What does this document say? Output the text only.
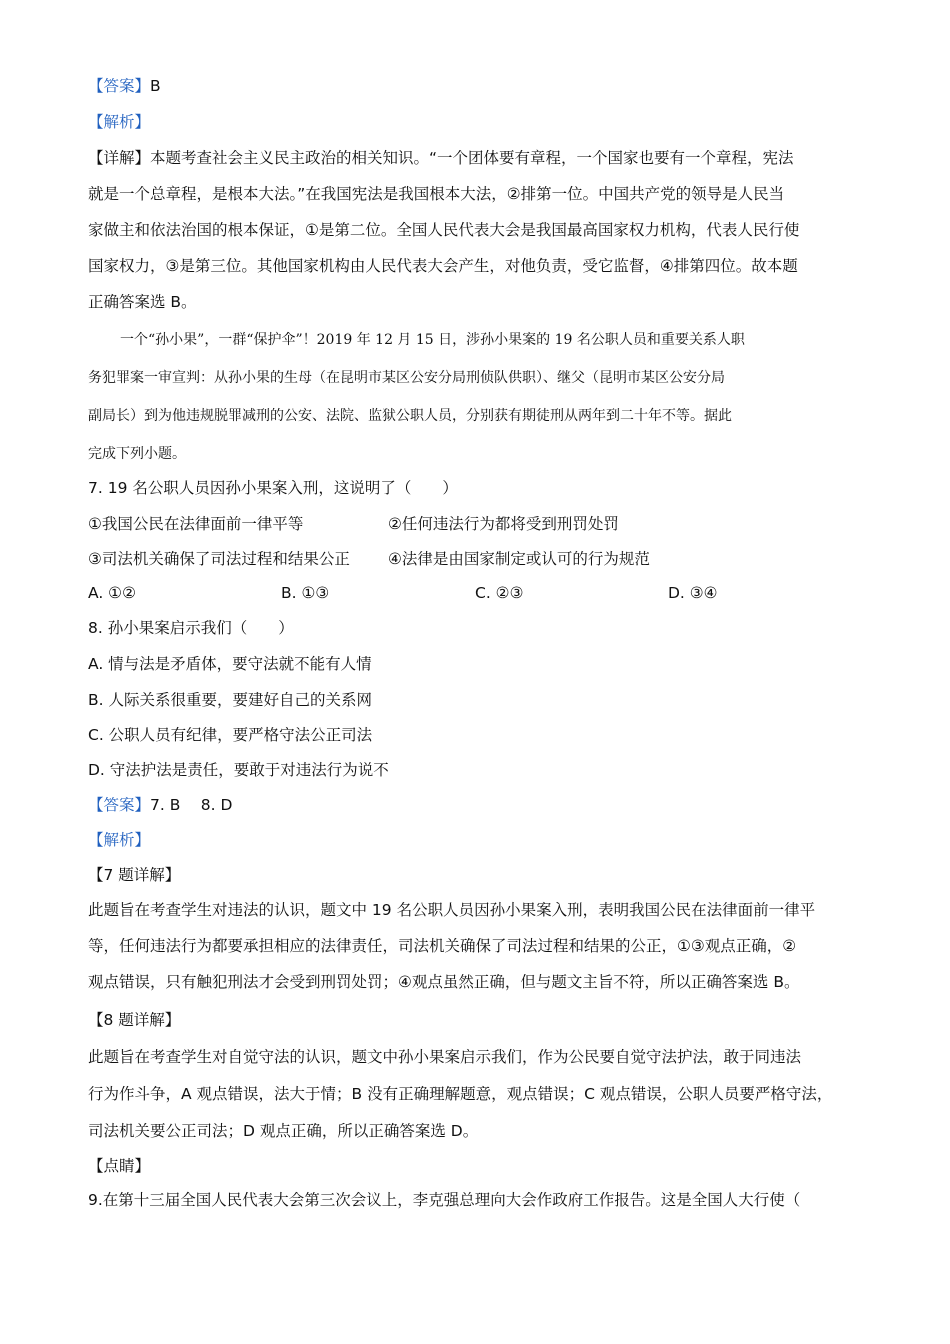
【答案】B
【解析】
【详解】本题考查社会主义民主政治的相关知识。“一个团体要有章程，一个国家也要有一个章程，宪法
就是一个总章程，是根本大法。”在我国宪法是我国根本大法，②排第一位。中国共产党的领导是人民当
家做主和依法治国的根本保证，①是第二位。全国人民代表大会是我国最高国家权力机构，代表人民行使
国家权力，③是第三位。其他国家机构由人民代表大会产生，对他负责，受它监督，④排第四位。故本题
正确答案选 B。
一个“孙小果”，一群“保护伞”！2019 年 12 月 15 日，涉孙小果案的 19 名公职人员和重要关系人职
务犯罪案一审宣判：从孙小果的生母（在昆明市某区公安分局刑侦队供职）、继父（昆明市某区公安分局
副局长）到为他违规脱罪减刑的公安、法院、监狱公职人员，分别获有期徒刑从两年到二十年不等。据此
完成下列小题。
7. 19 名公职人员因孙小果案入刑，这说明了（　　）
①我国公民在法律面前一律平等	②任何违法行为都将受到刑罚处罚
③司法机关确保了司法过程和结果公正 ④法律是由国家制定或认可的行为规范
A. ①②	B. ①③	C. ②③	D. ③④
8. 孙小果案启示我们（　　）
A. 情与法是矛盾体，要守法就不能有人情
B. 人际关系很重要，要建好自己的关系网
C. 公职人员有纪律，要严格守法公正司法
D. 守法护法是责任，要敢于对违法行为说不
【答案】7. B　 8. D
【解析】
【7 题详解】
此题旨在考查学生对违法的认识，题文中 19 名公职人员因孙小果案入刑，表明我国公民在法律面前一律平
等，任何违法行为都要承担相应的法律责任，司法机关确保了司法过程和结果的公正，①③观点正确，②
观点错误，只有触犯刑法才会受到刑罚处罚；④观点虽然正确，但与题文主旨不符，所以正确答案选 B。
【8 题详解】
此题旨在考查学生对自觉守法的认识，题文中孙小果案启示我们，作为公民要自觉守法护法，敢于同违法
行为作斗争，A 观点错误，法大于情；B 没有正确理解题意，观点错误；C 观点错误，公职人员要严格守法，
司法机关要公正司法；D 观点正确，所以正确答案选 D。
【点睛】
9.在第十三届全国人民代表大会第三次会议上，李克强总理向大会作政府工作报告。这是全国人大行使（
